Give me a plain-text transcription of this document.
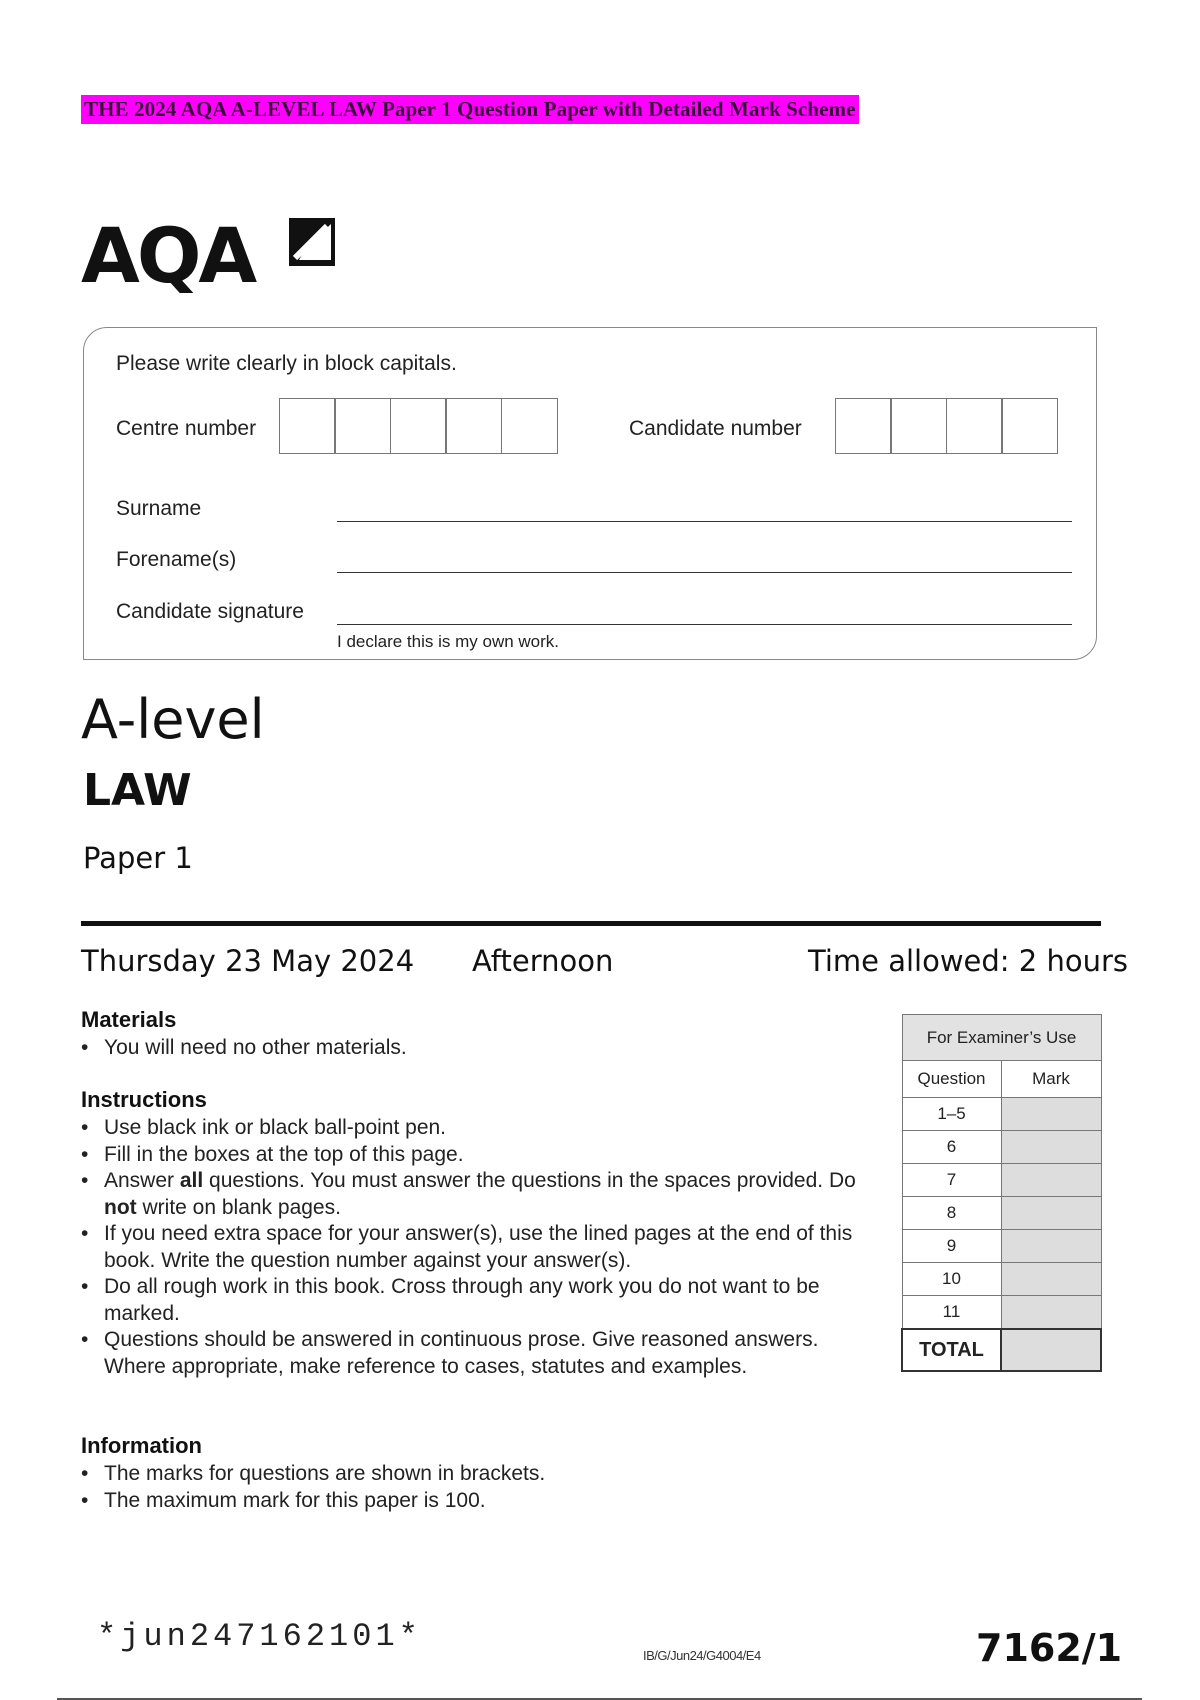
THE 2024 AQA A-LEVEL LAW Paper 1 Question Paper with Detailed Mark Scheme
AQA
Please write clearly in block capitals.
Centre number	Candidate number
Surname
Forename(s)
Candidate signature
I declare this is my own work.
A-level
LAW
Paper 1
Thursday 23 May 2024 Afternoon	Time allowed: 2 hours
Materials
• You will need no other materials.
Instructions
• Use black ink or black ball-point pen.
• Fill in the boxes at the top of this page.
• Answer all questions. You must answer the questions in the spaces provided. Do not write on blank pages.
• If you need extra space for your answer(s), use the lined pages at the end of this book. Write the question number against your answer(s).
• Do all rough work in this book. Cross through any work you do not want to be marked.
• Questions should be answered in continuous prose. Give reasoned answers. Where appropriate, make reference to cases, statutes and examples.
Information
• The marks for questions are shown in brackets.
• The maximum mark for this paper is 100.
For Examiner’s Use	
Question	Mark
1–5	
6	
7	
8	
9	
10	
11	
TOTAL	
*jun247162101*
IB/G/Jun24/G4004/E4	7162/1
